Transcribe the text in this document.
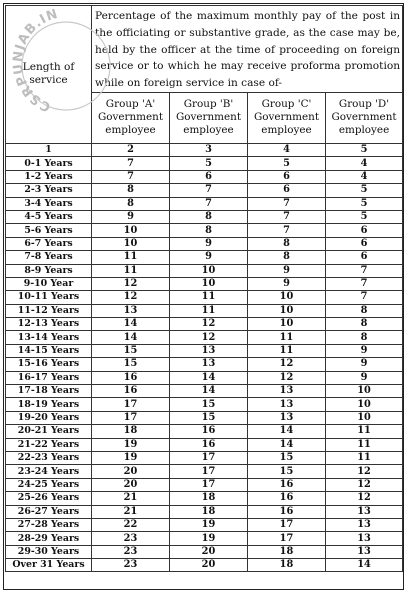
Length of service	Percentage of the maximum monthly pay of the post in the officiating or substantive grade, as the case may be, held by the officer at the time of proceeding on foreign service or to which he may receive proforma promotion while on foreign service in case of-			
	Group 'A' Government employee	Group 'B' Government employee	Group 'C' Government employee	Group 'D' Government employee
1	2	3	4	5
0-1 Years	7	5	5	4
1-2 Years	7	6	6	4
2-3 Years	8	7	6	5
3-4 Years	8	7	7	5
4-5 Years	9	8	7	5
5-6 Years	10	8	7	6
6-7 Years	10	9	8	6
7-8 Years	11	9	8	6
8-9 Years	11	10	9	7
9-10 Year	12	10	9	7
10-11 Years	12	11	10	7
11-12 Years	13	11	10	8
12-13 Years	14	12	10	8
13-14 Years	14	12	11	8
14-15 Years	15	13	11	9
15-16 Years	15	13	12	9
16-17 Years	16	14	12	9
17-18 Years	16	14	13	10
18-19 Years	17	15	13	10
19-20 Years	17	15	13	10
20-21 Years	18	16	14	11
21-22 Years	19	16	14	11
22-23 Years	19	17	15	11
23-24 Years	20	17	15	12
24-25 Years	20	17	16	12
25-26 Years	21	18	16	12
26-27 Years	21	18	16	13
27-28 Years	22	19	17	13
28-29 Years	23	19	17	13
29-30 Years	23	20	18	13
Over 31 Years	23	20	18	14
CSRPUNJAB.IN
